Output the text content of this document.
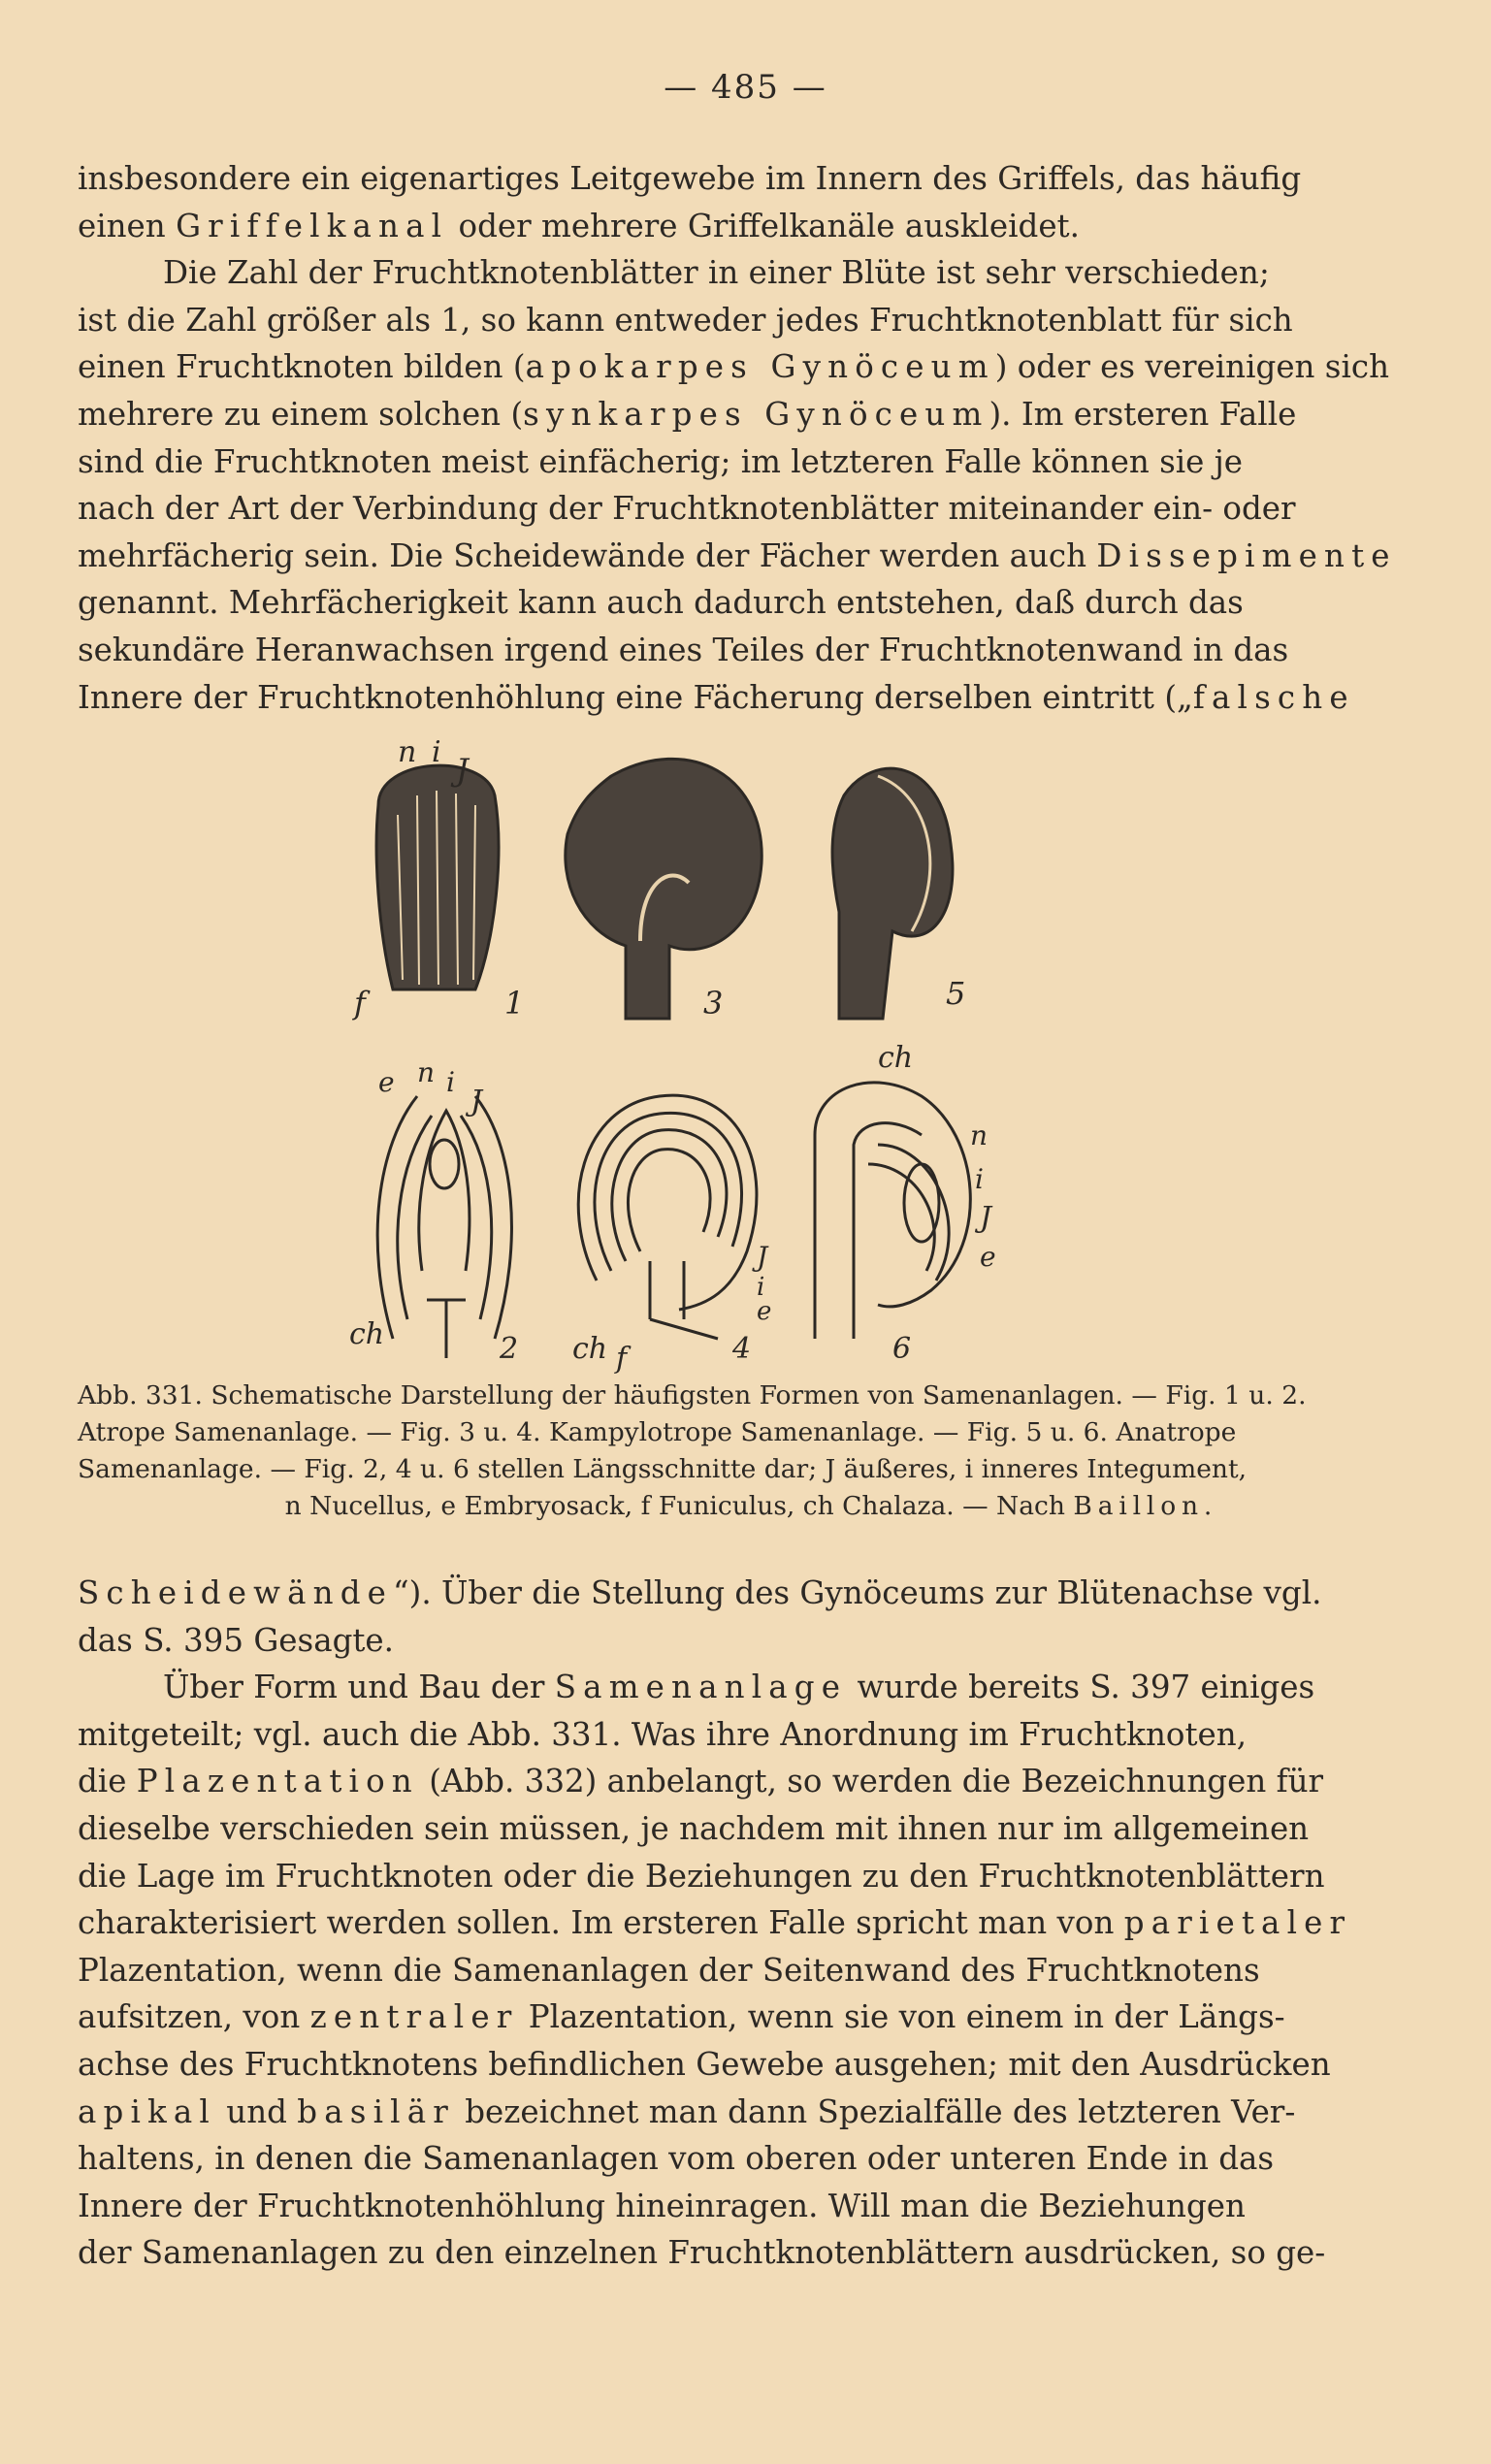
— 485 —

insbesondere ein eigenartiges Leitgewebe im Innern des Griffels, das häufig

einen Griffelkanal oder mehrere Griffelkanäle auskleidet.

Die Zahl der Fruchtknotenblätter in einer Blüte ist sehr verschieden;

ist die Zahl größer als 1, so kann entweder jedes Fruchtknotenblatt für sich

einen Fruchtknoten bilden (apokarpes Gynöceum) oder es vereinigen sich

mehrere zu einem solchen (synkarpes Gynöceum). Im ersteren Falle

sind die Fruchtknoten meist einfächerig; im letzteren Falle können sie je

nach der Art der Verbindung der Fruchtknotenblätter miteinander ein- oder

mehrfächerig sein. Die Scheidewände der Fächer werden auch Dissepimente

genannt. Mehrfächerigkeit kann auch dadurch entstehen, daß durch das

sekundäre Heranwachsen irgend eines Teiles der Fruchtknotenwand in das

Innere der Fruchtknotenhöhlung eine Fächerung derselben eintritt („falsche

n i J
f	1	3	5
e n i
J
ch	2 ch f
J
i
e
4
ch
n
i
J
e
6

Abb. 331. Schematische Darstellung der häufigsten Formen von Samenanlagen. — Fig. 1 u. 2.

Atrope Samenanlage. — Fig. 3 u. 4. Kampylotrope Samenanlage. — Fig. 5 u. 6. Anatrope

Samenanlage. — Fig. 2, 4 u. 6 stellen Längsschnitte dar; J äußeres, i inneres Integument,

n Nucellus, e Embryosack, f Funiculus, ch Chalaza. — Nach Baillon.

Scheidewände“). Über die Stellung des Gynöceums zur Blütenachse vgl.

das S. 395 Gesagte.

Über Form und Bau der Samenanlage wurde bereits S. 397 einiges

mitgeteilt; vgl. auch die Abb. 331. Was ihre Anordnung im Fruchtknoten,

die Plazentation (Abb. 332) anbelangt, so werden die Bezeichnungen für

dieselbe verschieden sein müssen, je nachdem mit ihnen nur im allgemeinen

die Lage im Fruchtknoten oder die Beziehungen zu den Fruchtknotenblättern

charakterisiert werden sollen. Im ersteren Falle spricht man von parietaler

Plazentation, wenn die Samenanlagen der Seitenwand des Fruchtknotens

aufsitzen, von zentraler Plazentation, wenn sie von einem in der Längs-

achse des Fruchtknotens befindlichen Gewebe ausgehen; mit den Ausdrücken

apikal und basilär bezeichnet man dann Spezialfälle des letzteren Ver-

haltens, in denen die Samenanlagen vom oberen oder unteren Ende in das

Innere der Fruchtknotenhöhlung hineinragen. Will man die Beziehungen

der Samenanlagen zu den einzelnen Fruchtknotenblättern ausdrücken, so ge-
